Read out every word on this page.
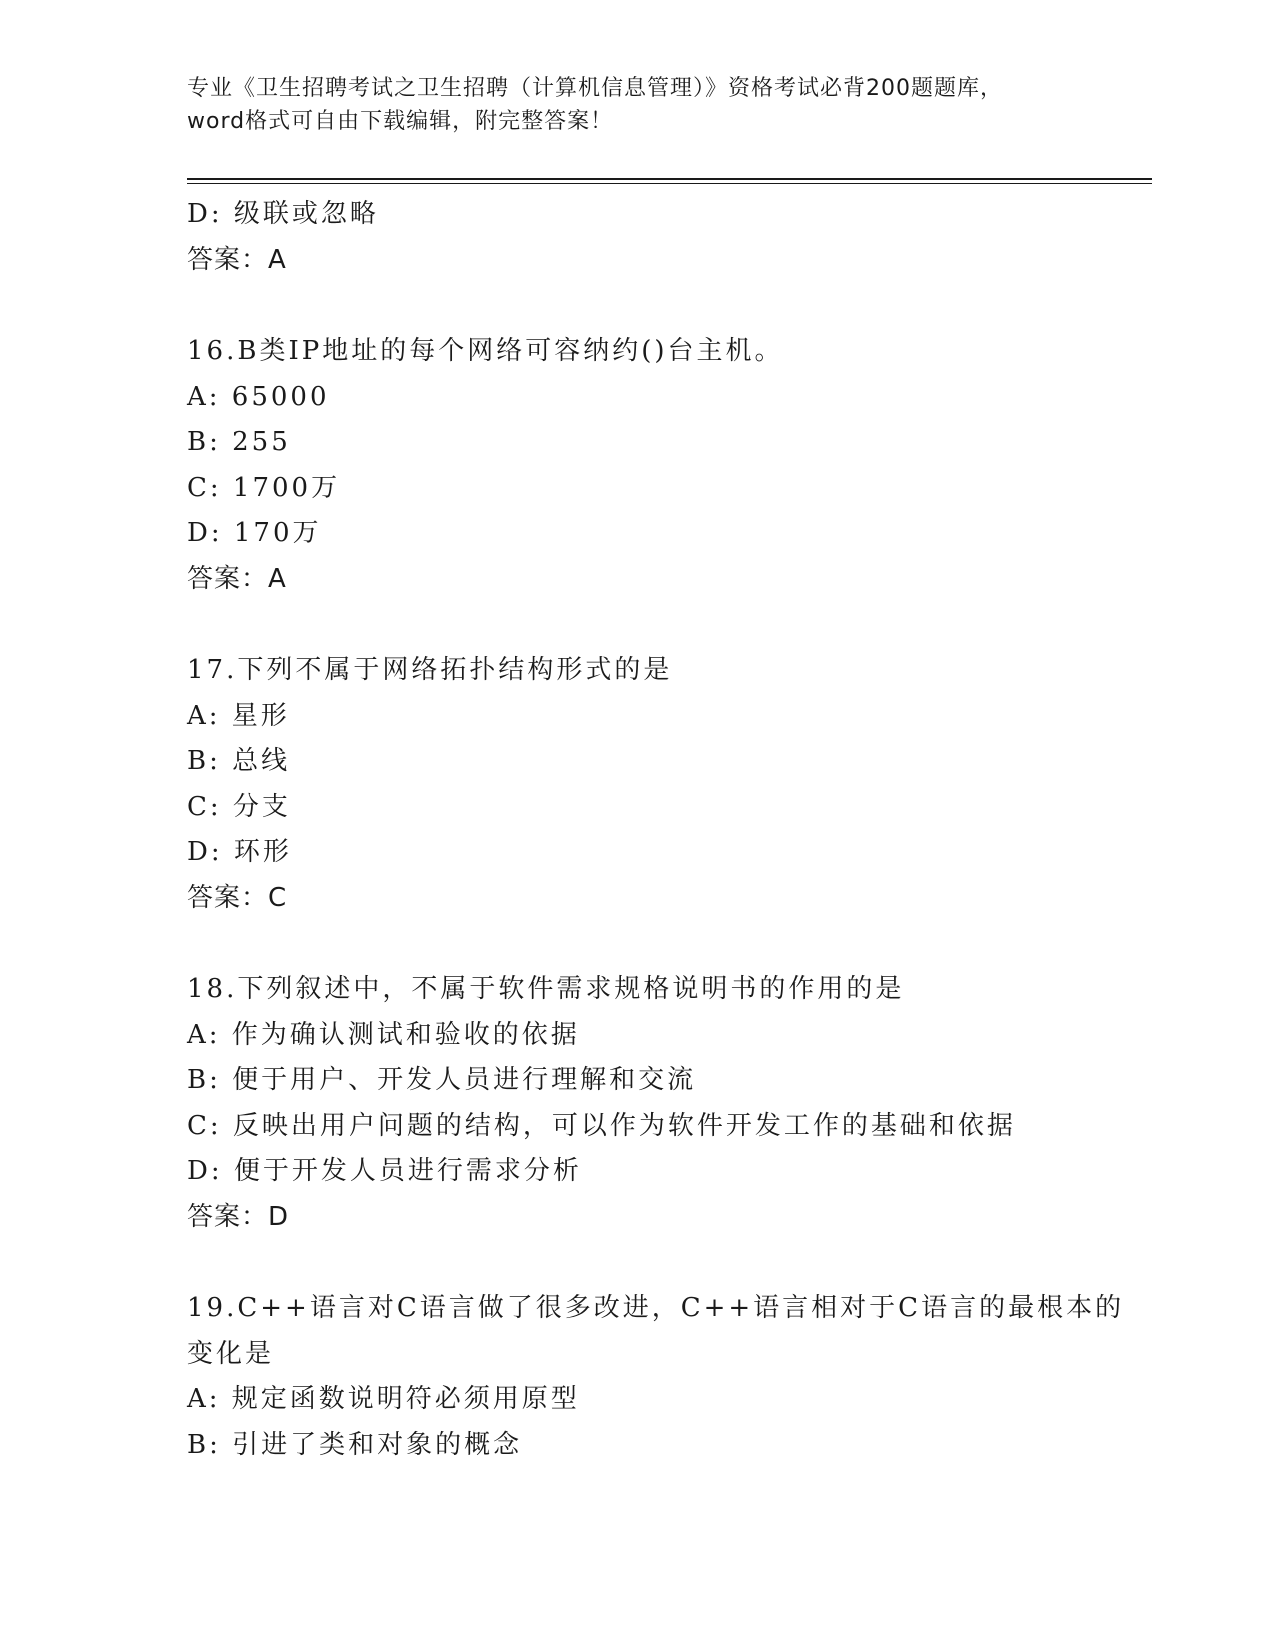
专业《卫生招聘考试之卫生招聘（计算机信息管理）》资格考试必背200题题库，
word格式可自由下载编辑，附完整答案！
D: 级联或忽略
答案：A
16.B类IP地址的每个网络可容纳约()台主机。
A: 65000
B: 255
C: 1700万
D: 170万
答案：A
17.下列不属于网络拓扑结构形式的是
A: 星形
B: 总线
C: 分支
D: 环形
答案：C
18.下列叙述中，不属于软件需求规格说明书的作用的是
A: 作为确认测试和验收的依据
B: 便于用户、开发人员进行理解和交流
C: 反映出用户问题的结构，可以作为软件开发工作的基础和依据
D: 便于开发人员进行需求分析
答案：D
19.C++语言对C语言做了很多改进，C++语言相对于C语言的最根本的
变化是
A: 规定函数说明符必须用原型
B: 引进了类和对象的概念
